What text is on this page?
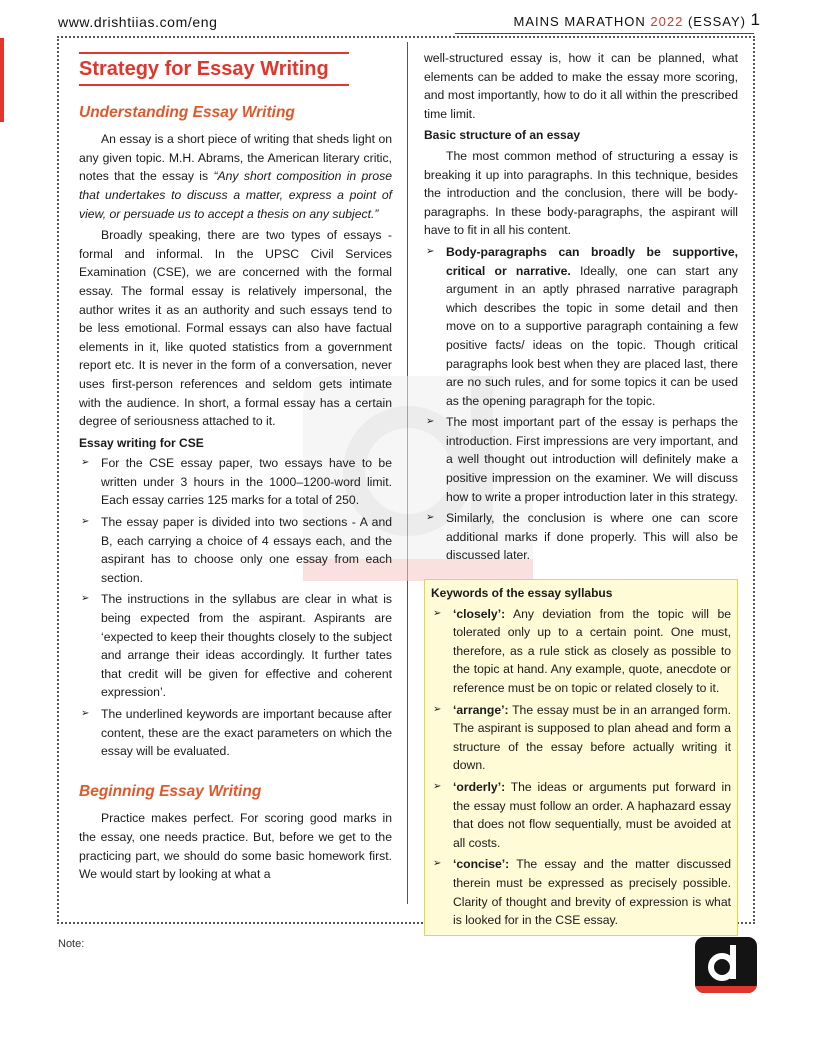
www.drishtiias.com/eng	MAINS MARATHON 2022 (ESSAY) 1
Strategy for Essay Writing
Understanding Essay Writing

An essay is a short piece of writing that sheds light on any given topic. M.H. Abrams, the American literary critic, notes that the essay is “Any short composition in prose that undertakes to discuss a matter, express a point of view, or persuade us to accept a thesis on any subject.”

Broadly speaking, there are two types of essays - formal and informal. In the UPSC Civil Services Examination (CSE), we are concerned with the formal essay. The formal essay is relatively impersonal, the author writes it as an authority and such essays tend to be less emotional. Formal essays can also have factual elements in it, like quoted statistics from a government report etc. It is never in the form of a conversation, never uses first-person references and seldom gets intimate with the audience. In short, a formal essay has a certain degree of seriousness attached to it.

Essay writing for CSE
➢ For the CSE essay paper, two essays have to be written under 3 hours in the 1000–1200-word limit. Each essay carries 125 marks for a total of 250.
➢ The essay paper is divided into two sections - A and B, each carrying a choice of 4 essays each, and the aspirant has to choose only one essay from each section.
➢ The instructions in the syllabus are clear in what is being expected from the aspirant. Aspirants are ‘expected to keep their thoughts closely to the subject and arrange their ideas accordingly. It further tates that credit will be given for effective and coherent expression’.
➢ The underlined keywords are important because after content, these are the exact parameters on which the essay will be evaluated.
Beginning Essay Writing

Practice makes perfect. For scoring good marks in the essay, one needs practice. But, before we get to the practicing part, we should do some basic homework first. We would start by looking at what a

well-structured essay is, how it can be planned, what elements can be added to make the essay more scoring, and most importantly, how to do it all within the prescribed time limit.

Basic structure of an essay

The most common method of structuring a essay is breaking it up into paragraphs. In this technique, besides the introduction and the conclusion, there will be body-paragraphs. In these body-paragraphs, the aspirant will have to fit in all his content.

➢ Body-paragraphs can broadly be supportive, critical or narrative. Ideally, one can start any argument in an aptly phrased narrative paragraph which describes the topic in some detail and then move on to a supportive paragraph containing a few positive facts/ ideas on the topic. Though critical paragraphs look best when they are placed last, there are no such rules, and for some topics it can be used as the opening paragraph for the topic.
➢ The most important part of the essay is perhaps the introduction. First impressions are very important, and a well thought out introduction will definitely make a positive impression on the examiner. We will discuss how to write a proper introduction later in this strategy.
➢ Similarly, the conclusion is where one can score additional marks if done properly. This will also be discussed later.
Keywords of the essay syllabus
➢ ‘closely’: Any deviation from the topic will be tolerated only up to a certain point. One must, therefore, as a rule stick as closely as possible to the topic at hand. Any example, quote, anecdote or reference must be on topic or related closely to it.
➢ ‘arrange’: The essay must be in an arranged form. The aspirant is supposed to plan ahead and form a structure of the essay before actually writing it down.
➢ ‘orderly’: The ideas or arguments put forward in the essay must follow an order. A haphazard essay that does not flow sequentially, must be avoided at all costs.
➢ ‘concise’: The essay and the matter discussed therein must be expressed as precisely possible. Clarity of thought and brevity of expression is what is looked for in the CSE essay.
Note:
